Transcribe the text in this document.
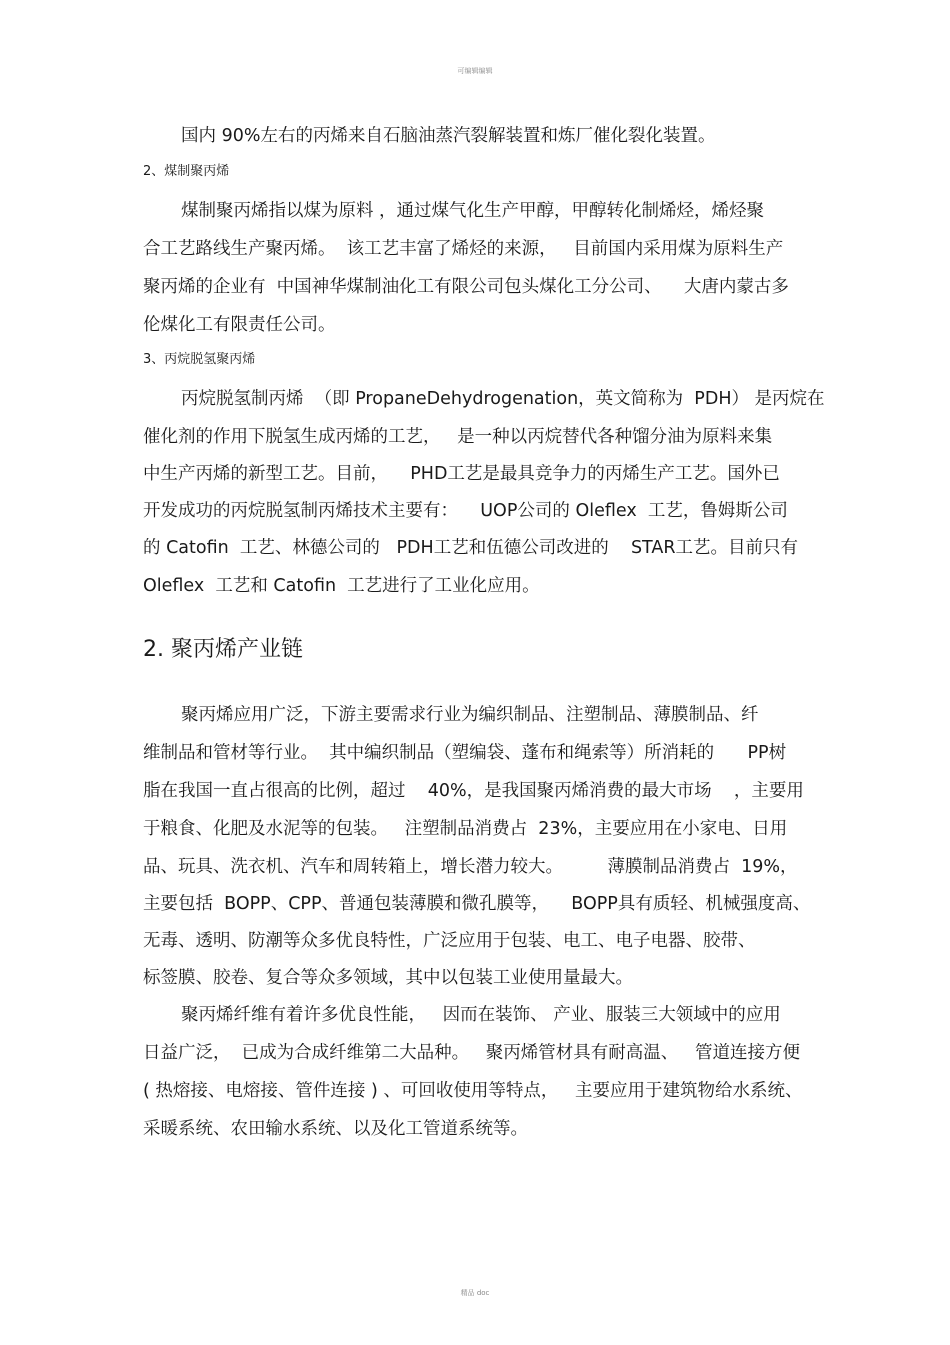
可编辑编辑

国内 90%左右的丙烯来自石脑油蒸汽裂解装置和炼厂催化裂化装置。

2、煤制聚丙烯

煤制聚丙烯指以煤为原料 ，通过煤气化生产甲醇，甲醇转化制烯烃，烯烃聚

合工艺路线生产聚丙烯。  该工艺丰富了烯烃的来源，   目前国内采用煤为原料生产

聚丙烯的企业有  中国神华煤制油化工有限公司包头煤化工分公司、    大唐内蒙古多

伦煤化工有限责任公司。

3、丙烷脱氢聚丙烯

丙烷脱氢制丙烯  （即 PropaneDehydrogenation，英文简称为  PDH） 是丙烷在

催化剂的作用下脱氢生成丙烯的工艺，   是一种以丙烷替代各种馏分油为原料来集

中生产丙烯的新型工艺。目前，    PHD工艺是最具竞争力的丙烯生产工艺。国外已

开发成功的丙烷脱氢制丙烯技术主要有：    UOP公司的 Oleflex  工艺，鲁姆斯公司

的 Catofin  工艺、林德公司的   PDH工艺和伍德公司改进的    STAR工艺。目前只有

Oleflex  工艺和 Catofin  工艺进行了工业化应用。

2. 聚丙烯产业链

聚丙烯应用广泛，下游主要需求行业为编织制品、注塑制品、薄膜制品、纤

维制品和管材等行业。  其中编织制品（塑编袋、蓬布和绳索等）所消耗的      PP树

脂在我国一直占很高的比例，超过    40%，是我国聚丙烯消费的最大市场    ，主要用

于粮食、化肥及水泥等的包装。   注塑制品消费占  23%，主要应用在小家电、日用

品、玩具、洗衣机、汽车和周转箱上，增长潜力较大。        薄膜制品消费占  19%，

主要包括  BOPP、CPP、普通包装薄膜和微孔膜等，    BOPP具有质轻、机械强度高、

无毒、透明、防潮等众多优良特性，广泛应用于包装、电工、电子电器、胶带、

标签膜、胶卷、复合等众多领域，其中以包装工业使用量最大。

聚丙烯纤维有着许多优良性能，   因而在装饰、 产业、服装三大领域中的应用

日益广泛，  已成为合成纤维第二大品种。   聚丙烯管材具有耐高温、   管道连接方便

( 热熔接、电熔接、管件连接 ) 、可回收使用等特点，   主要应用于建筑物给水系统、

采暖系统、农田输水系统、以及化工管道系统等。

精品 doc
